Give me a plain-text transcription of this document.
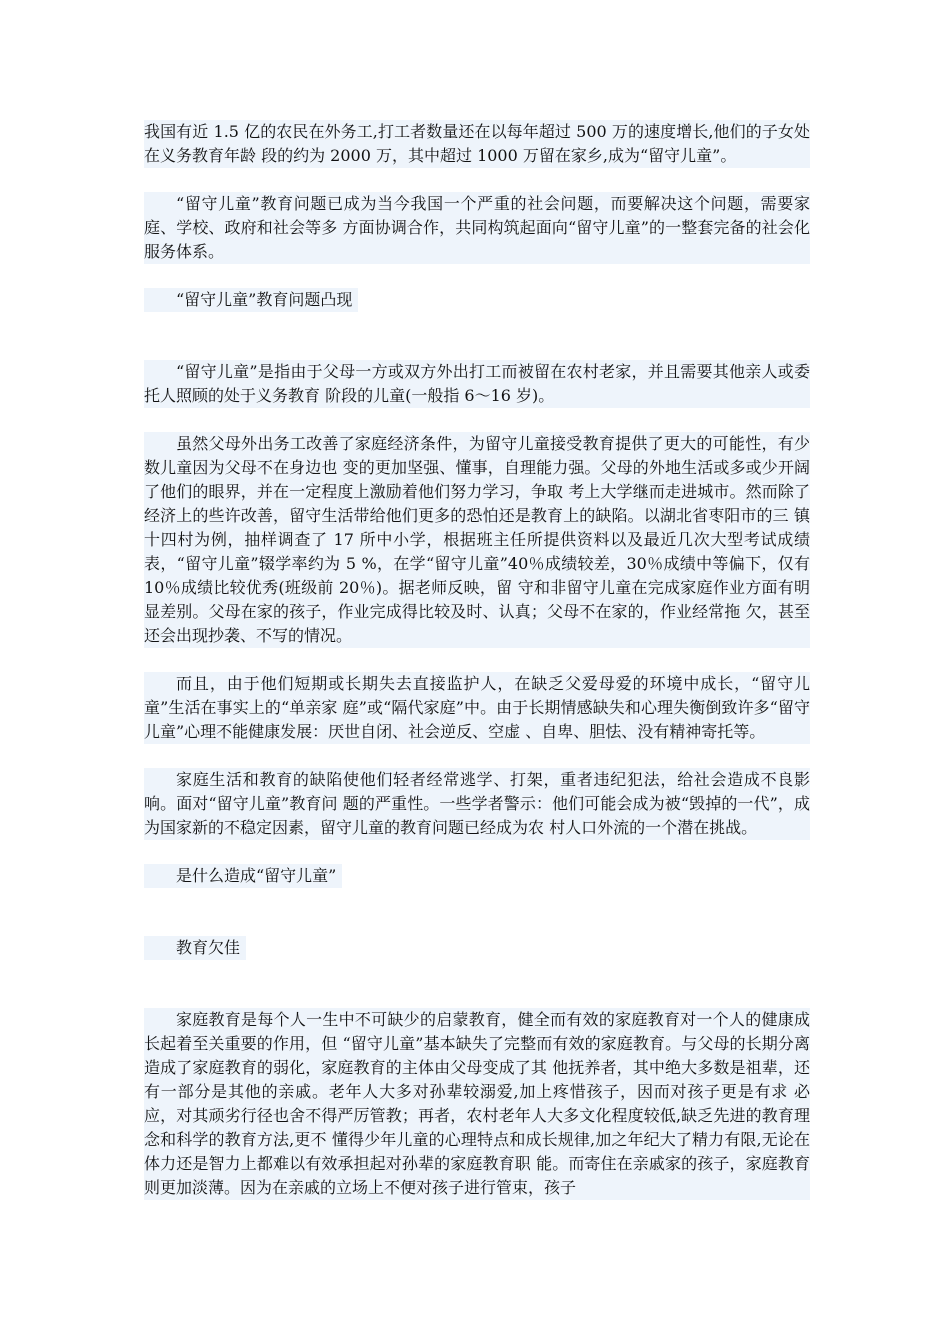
我国有近 1.5 亿的农民在外务工,打工者数量还在以每年超过 500 万的速度增长,他们的子女处在义务教育年龄 段的约为 2000 万，其中超过 1000 万留在家乡,成为“留守儿童”。

“留守儿童”教育问题已成为当今我国一个严重的社会问题，而要解决这个问题，需要家庭、学校、政府和社会等多 方面协调合作，共同构筑起面向“留守儿童”的一整套完备的社会化服务体系。

“留守儿童”教育问题凸现

“留守儿童”是指由于父母一方或双方外出打工而被留在农村老家，并且需要其他亲人或委托人照顾的处于义务教育 阶段的儿童(一般指 6～16 岁)。

虽然父母外出务工改善了家庭经济条件，为留守儿童接受教育提供了更大的可能性，有少数儿童因为父母不在身边也 变的更加坚强、懂事，自理能力强。父母的外地生活或多或少开阔了他们的眼界，并在一定程度上激励着他们努力学习，争取 考上大学继而走进城市。然而除了经济上的些许改善，留守生活带给他们更多的恐怕还是教育上的缺陷。以湖北省枣阳市的三 镇十四村为例，抽样调查了 17 所中小学，根据班主任所提供资料以及最近几次大型考试成绩表，“留守儿童”辍学率约为 5 %，在学“留守儿童”40％成绩较差，30％成绩中等偏下，仅有 10％成绩比较优秀(班级前 20％)。据老师反映，留 守和非留守儿童在完成家庭作业方面有明显差别。父母在家的孩子，作业完成得比较及时、认真；父母不在家的，作业经常拖 欠，甚至还会出现抄袭、不写的情况。

而且，由于他们短期或长期失去直接监护人，在缺乏父爱母爱的环境中成长，“留守儿童”生活在事实上的“单亲家 庭”或“隔代家庭”中。由于长期情感缺失和心理失衡倒致许多“留守儿童”心理不能健康发展：厌世自闭、社会逆反、空虚 、自卑、胆怯、没有精神寄托等。

家庭生活和教育的缺陷使他们轻者经常逃学、打架，重者违纪犯法，给社会造成不良影响。面对“留守儿童”教育问 题的严重性。一些学者警示：他们可能会成为被“毁掉的一代”，成为国家新的不稳定因素，留守儿童的教育问题已经成为农 村人口外流的一个潜在挑战。

是什么造成“留守儿童”
教育欠佳

家庭教育是每个人一生中不可缺少的启蒙教育，健全而有效的家庭教育对一个人的健康成长起着至关重要的作用，但 “留守儿童”基本缺失了完整而有效的家庭教育。与父母的长期分离造成了家庭教育的弱化，家庭教育的主体由父母变成了其 他抚养者，其中绝大多数是祖辈，还有一部分是其他的亲戚。老年人大多对孙辈较溺爱,加上疼惜孩子，因而对孩子更是有求 必应，对其顽劣行径也舍不得严厉管教；再者，农村老年人大多文化程度较低,缺乏先进的教育理念和科学的教育方法,更不 懂得少年儿童的心理特点和成长规律,加之年纪大了精力有限,无论在体力还是智力上都难以有效承担起对孙辈的家庭教育职 能。而寄住在亲戚家的孩子，家庭教育则更加淡薄。因为在亲戚的立场上不便对孩子进行管束，孩子
